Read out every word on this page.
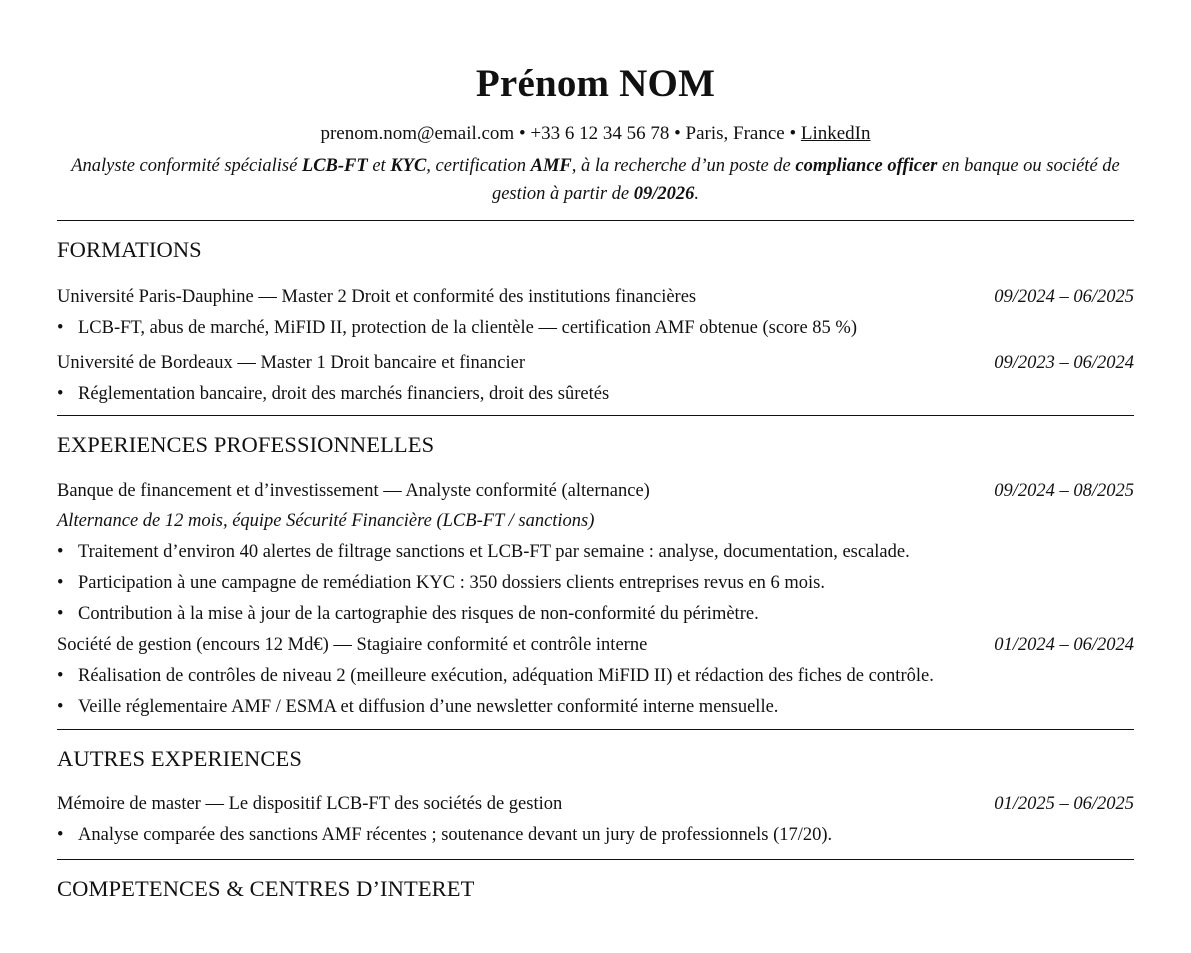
Prénom NOM
prenom.nom@email.com • +33 6 12 34 56 78 • Paris, France • LinkedIn
Analyste conformité spécialisé LCB-FT et KYC, certification AMF, à la recherche d’un poste de compliance officer en banque ou société de gestion à partir de 09/2026.
FORMATIONS
Université Paris-Dauphine — Master 2 Droit et conformité des institutions financières	09/2024 – 06/2025
• LCB-FT, abus de marché, MiFID II, protection de la clientèle — certification AMF obtenue (score 85 %)
Université de Bordeaux — Master 1 Droit bancaire et financier	09/2023 – 06/2024
• Réglementation bancaire, droit des marchés financiers, droit des sûretés
EXPERIENCES PROFESSIONNELLES
Banque de financement et d’investissement — Analyste conformité (alternance)	09/2024 – 08/2025
Alternance de 12 mois, équipe Sécurité Financière (LCB-FT / sanctions)
• Traitement d’environ 40 alertes de filtrage sanctions et LCB-FT par semaine : analyse, documentation, escalade.
• Participation à une campagne de remédiation KYC : 350 dossiers clients entreprises revus en 6 mois.
• Contribution à la mise à jour de la cartographie des risques de non-conformité du périmètre.
Société de gestion (encours 12 Md€) — Stagiaire conformité et contrôle interne	01/2024 – 06/2024
• Réalisation de contrôles de niveau 2 (meilleure exécution, adéquation MiFID II) et rédaction des fiches de contrôle.
• Veille réglementaire AMF / ESMA et diffusion d’une newsletter conformité interne mensuelle.
AUTRES EXPERIENCES
Mémoire de master — Le dispositif LCB-FT des sociétés de gestion	01/2025 – 06/2025
• Analyse comparée des sanctions AMF récentes ; soutenance devant un jury de professionnels (17/20).
COMPETENCES & CENTRES D’INTERET
